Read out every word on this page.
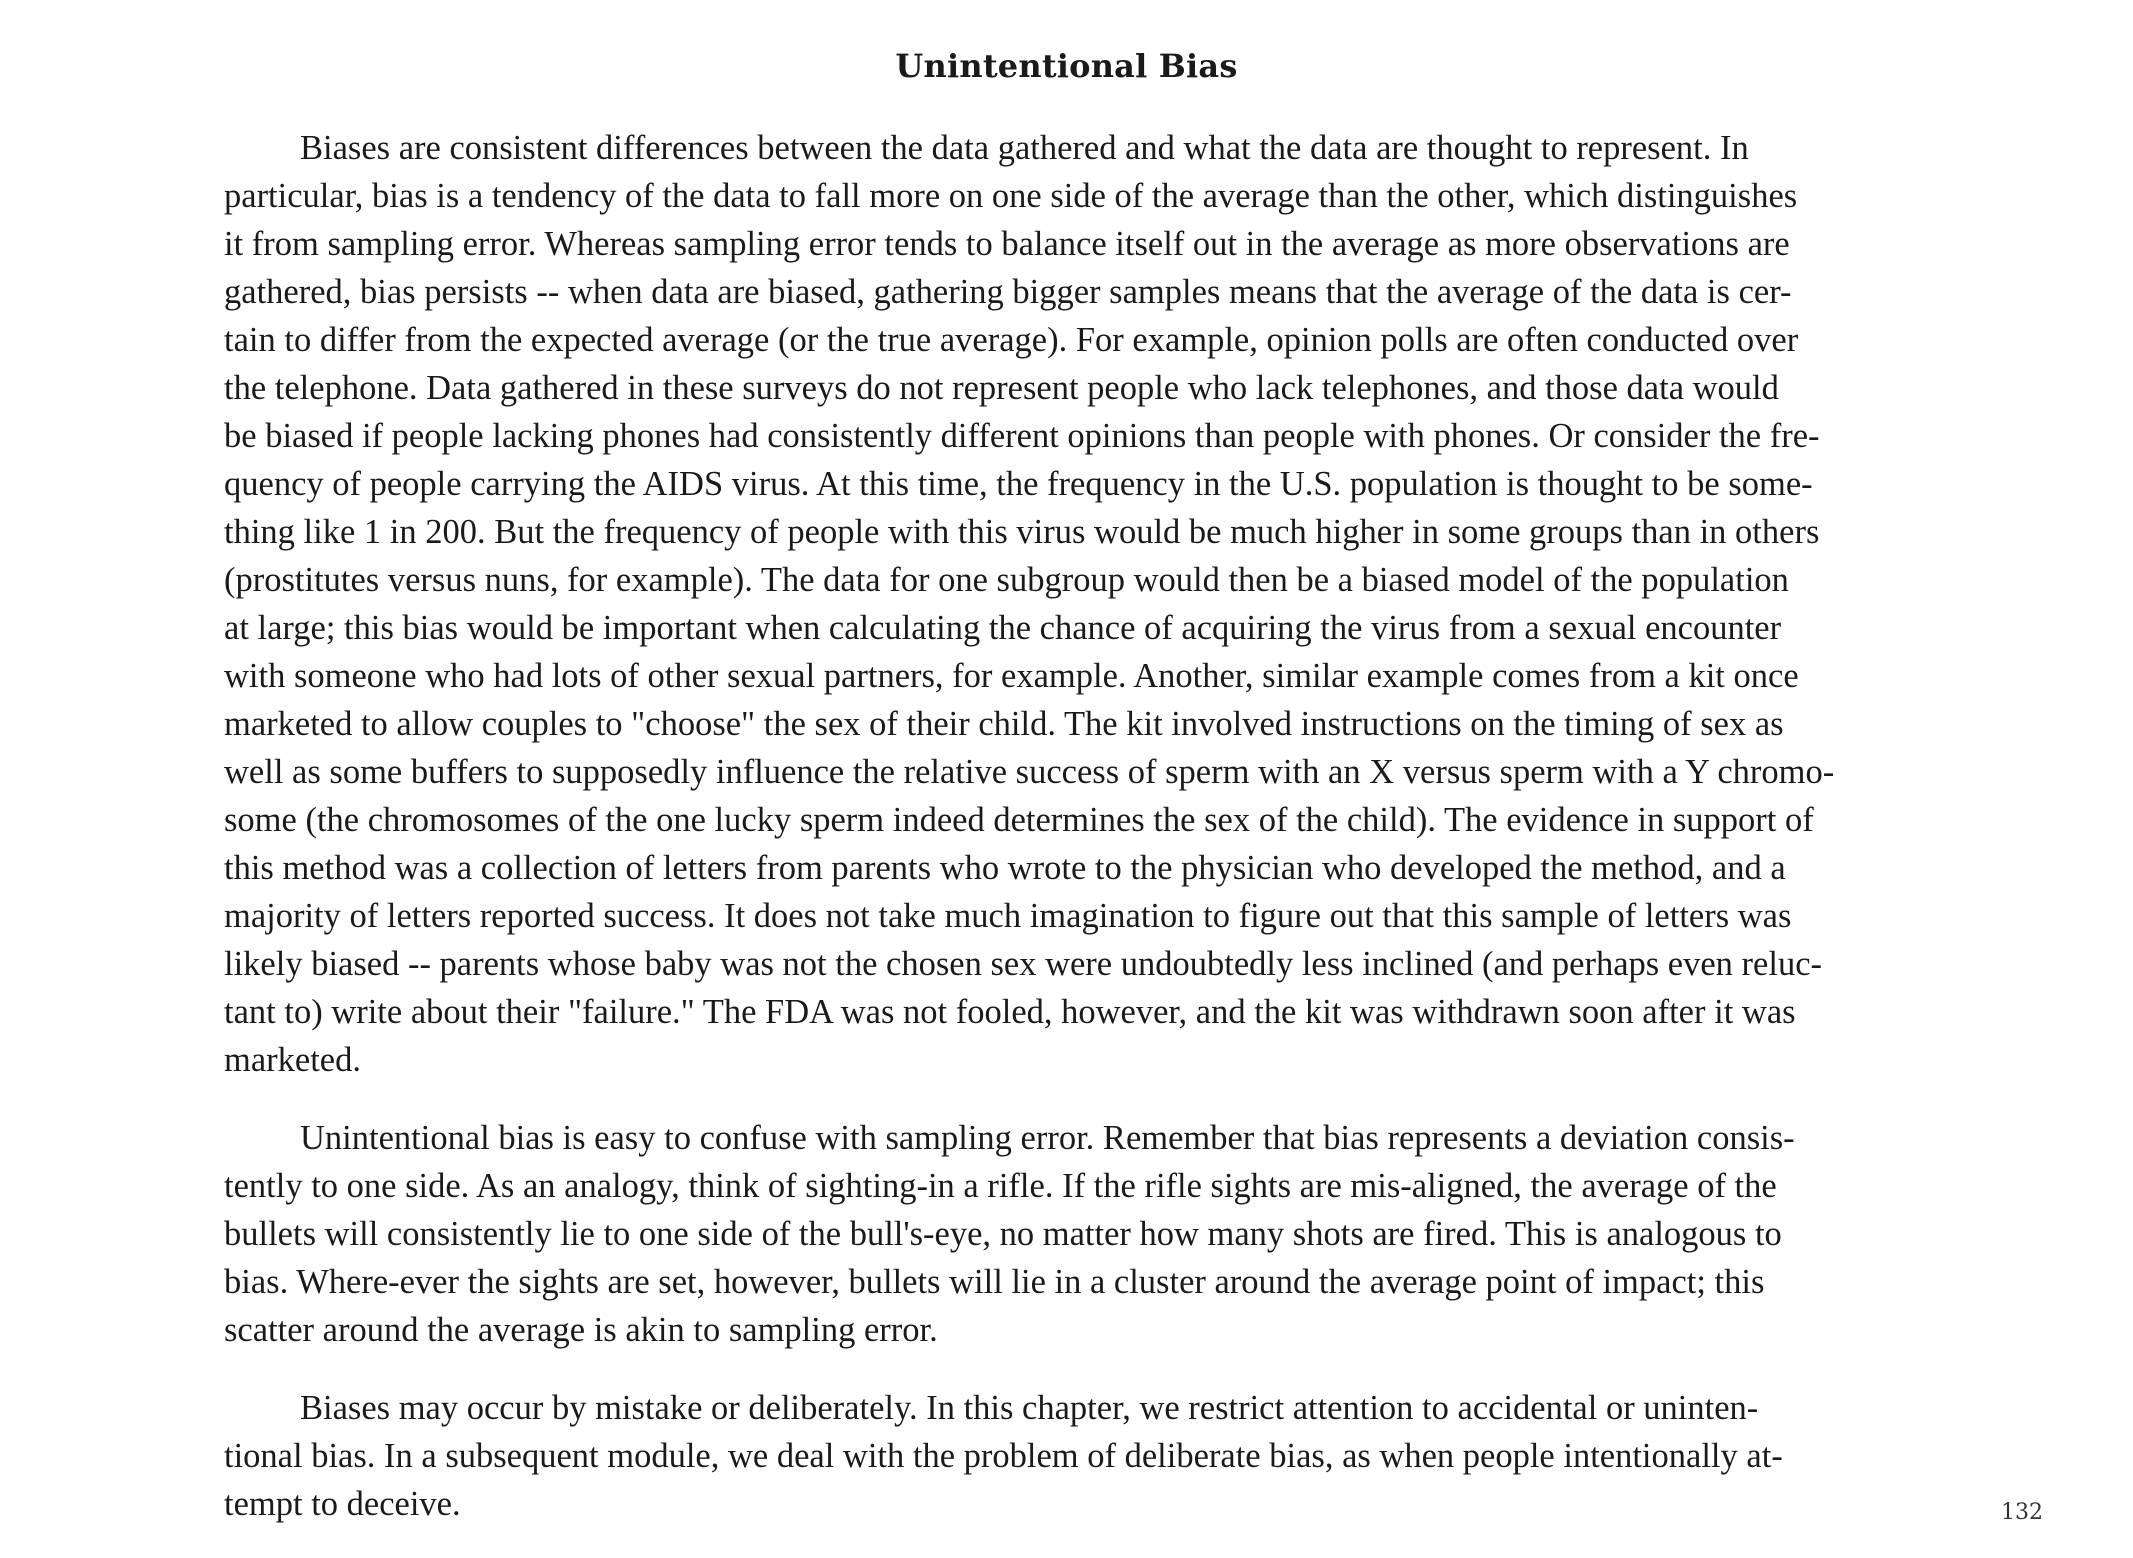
Unintentional Bias

Biases are consistent differences between the data gathered and what the data are thought to represent. In
particular, bias is a tendency of the data to fall more on one side of the average than the other, which distinguishes
it from sampling error. Whereas sampling error tends to balance itself out in the average as more observations are
gathered, bias persists -- when data are biased, gathering bigger samples means that the average of the data is cer-
tain to differ from the expected average (or the true average). For example, opinion polls are often conducted over
the telephone. Data gathered in these surveys do not represent people who lack telephones, and those data would
be biased if people lacking phones had consistently different opinions than people with phones. Or consider the fre-
quency of people carrying the AIDS virus. At this time, the frequency in the U.S. population is thought to be some-
thing like 1 in 200. But the frequency of people with this virus would be much higher in some groups than in others
(prostitutes versus nuns, for example). The data for one subgroup would then be a biased model of the population
at large; this bias would be important when calculating the chance of acquiring the virus from a sexual encounter
with someone who had lots of other sexual partners, for example. Another, similar example comes from a kit once
marketed to allow couples to "choose" the sex of their child. The kit involved instructions on the timing of sex as
well as some buffers to supposedly influence the relative success of sperm with an X versus sperm with a Y chromo-
some (the chromosomes of the one lucky sperm indeed determines the sex of the child). The evidence in support of
this method was a collection of letters from parents who wrote to the physician who developed the method, and a
majority of letters reported success. It does not take much imagination to figure out that this sample of letters was
likely biased -- parents whose baby was not the chosen sex were undoubtedly less inclined (and perhaps even reluc-
tant to) write about their "failure." The FDA was not fooled, however, and the kit was withdrawn soon after it was
marketed.

Unintentional bias is easy to confuse with sampling error. Remember that bias represents a deviation consis-
tently to one side. As an analogy, think of sighting-in a rifle. If the rifle sights are mis-aligned, the average of the
bullets will consistently lie to one side of the bull's-eye, no matter how many shots are fired. This is analogous to
bias. Where-ever the sights are set, however, bullets will lie in a cluster around the average point of impact; this
scatter around the average is akin to sampling error.

Biases may occur by mistake or deliberately. In this chapter, we restrict attention to accidental or uninten-
tional bias. In a subsequent module, we deal with the problem of deliberate bias, as when people intentionally at-
tempt to deceive.	132
